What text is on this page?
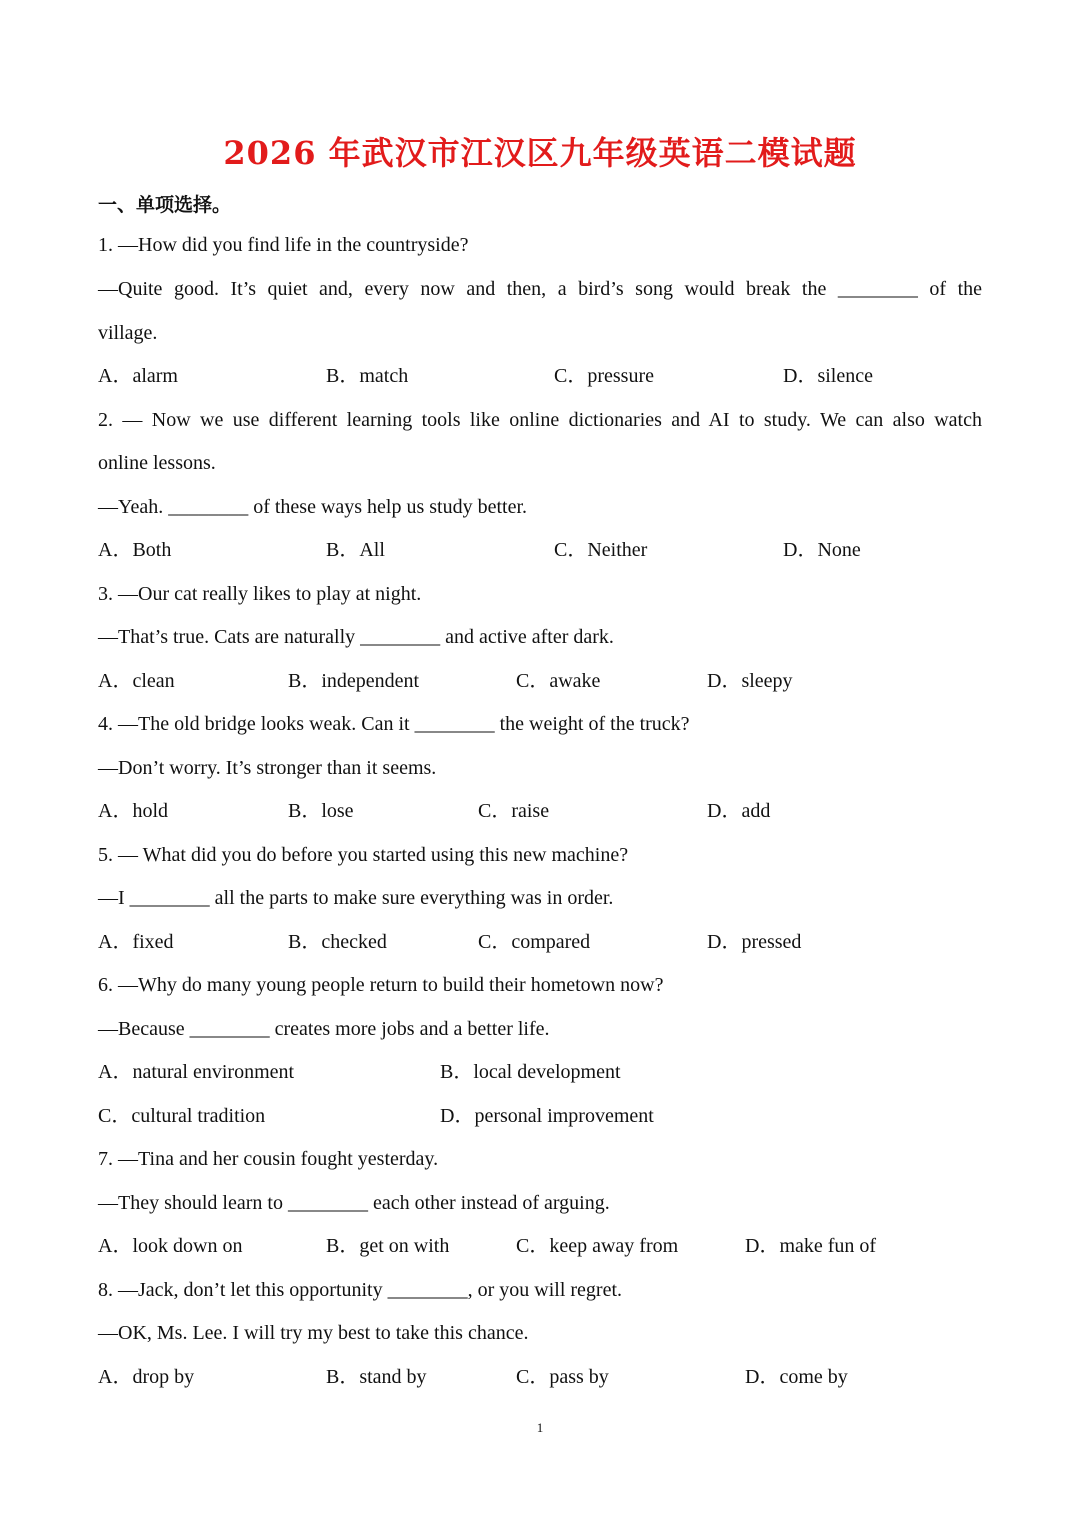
2026 年武汉市江汉区九年级英语二模试题
一、单项选择。
1. —How did you find life in the countryside?
—Quite good. It’s quiet and, every now and then, a bird’s song would break the ________ of the
village.
A．alarm	B．match	C．pressure	D．silence
2. — Now we use different learning tools like online dictionaries and AI to study. We can also watch
online lessons.
—Yeah. ________ of these ways help us study better.
A．Both	B．All	C．Neither	D．None
3. —Our cat really likes to play at night.
—That’s true. Cats are naturally ________ and active after dark.
A．clean	B．independent	C．awake	D．sleepy
4. —The old bridge looks weak. Can it ________ the weight of the truck?
—Don’t worry. It’s stronger than it seems.
A．hold	B．lose	C．raise	D．add
5. — What did you do before you started using this new machine?
—I ________ all the parts to make sure everything was in order.
A．fixed	B．checked	C．compared	D．pressed
6. —Why do many young people return to build their hometown now?
—Because ________ creates more jobs and a better life.
A．natural environment	B．local development
C．cultural tradition	D．personal improvement
7. —Tina and her cousin fought yesterday.
—They should learn to ________ each other instead of arguing.
A．look down on	B．get on with	C．keep away from	D．make fun of
8. —Jack, don’t let this opportunity ________, or you will regret.
—OK, Ms. Lee. I will try my best to take this chance.
A．drop by	B．stand by	C．pass by	D．come by
1
